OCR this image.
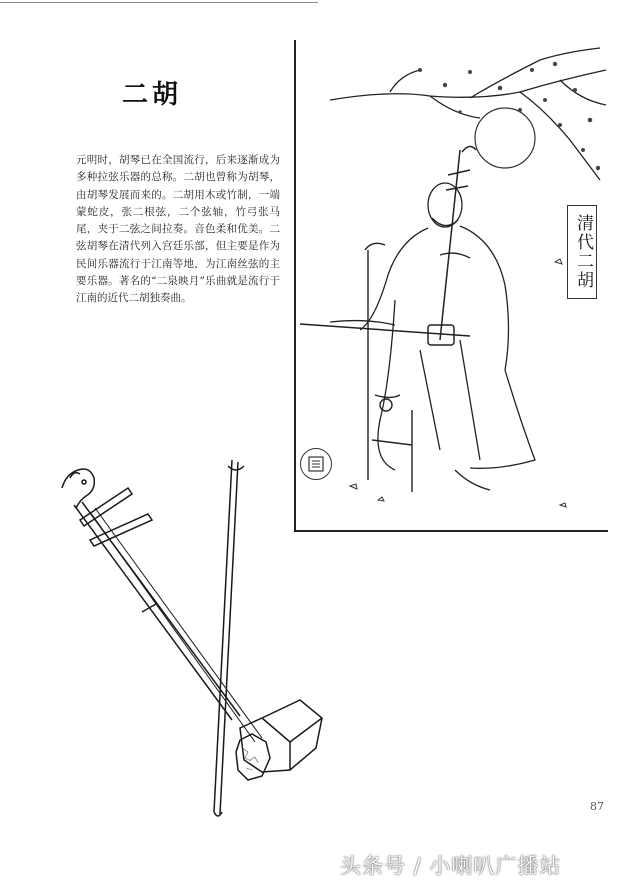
二胡
元明时，胡琴已在全国流行，后来逐渐成为多种拉弦乐器的总称。二胡也曾称为胡琴，由胡琴发展而来的。二胡用木或竹制，一端蒙蛇皮，张二根弦，二个弦轴，竹弓张马尾，夹于二弦之间拉奏。音色柔和优美。二弦胡琴在清代列入宫廷乐部，但主要是作为民间乐器流行于江南等地，为江南丝弦的主要乐器。著名的“二泉映月”乐曲就是流行于江南的近代二胡独奏曲。
清代二胡
87
头条号 / 小喇叭广播站
